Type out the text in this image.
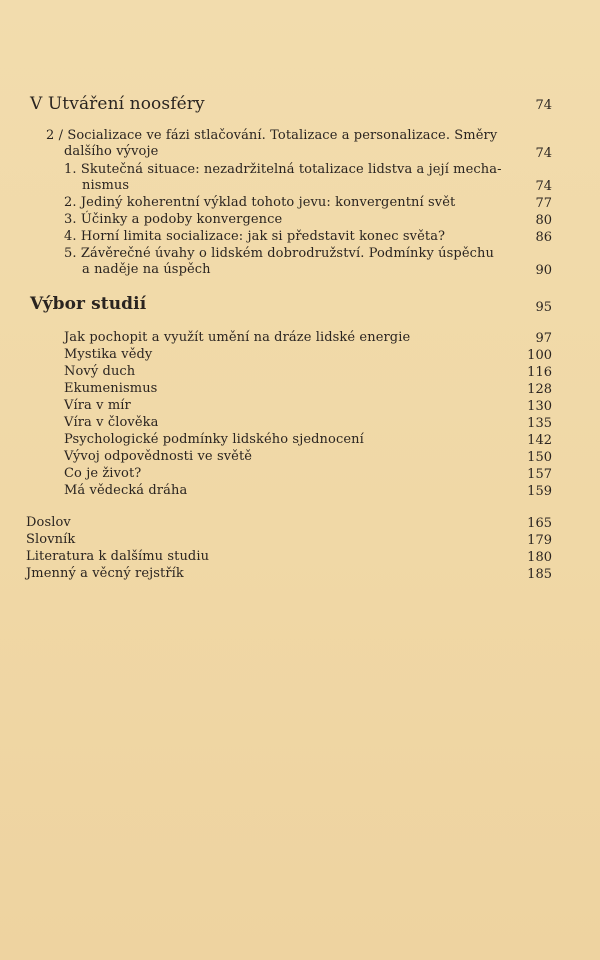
V Utváření noosféry	74
2 / Socializace ve fázi stlačování. Totalizace a personalizace. Směry
dalšího vývoje	74
1. Skutečná situace: nezadržitelná totalizace lidstva a její mecha-
nismus	74
2. Jediný koherentní výklad tohoto jevu: konvergentní svět	77
3. Účinky a podoby konvergence	80
4. Horní limita socializace: jak si představit konec světa?	86
5. Závěrečné úvahy o lidském dobrodružství. Podmínky úspěchu
a naděje na úspěch	90
Výbor studií	95
Jak pochopit a využít umění na dráze lidské energie	97
Mystika vědy	100
Nový duch	116
Ekumenismus	128
Víra v mír	130
Víra v člověka	135
Psychologické podmínky lidského sjednocení	142
Vývoj odpovědnosti ve světě	150
Co je život?	157
Má vědecká dráha	159
Doslov	165
Slovník	179
Literatura k dalšímu studiu	180
Jmenný a věcný rejstřík	185
